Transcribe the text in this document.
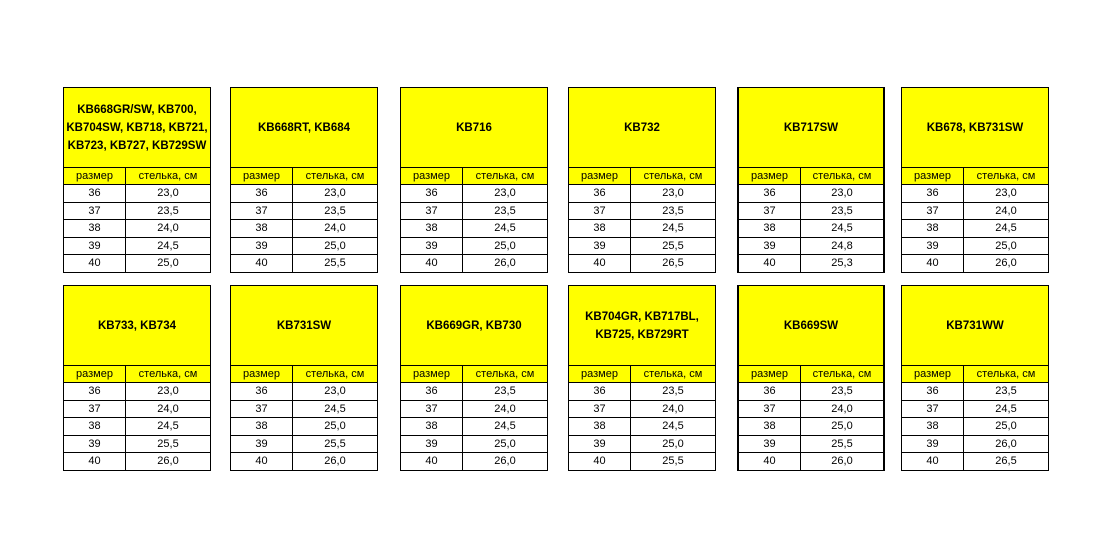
KB668GR/SW, KB700, KB704SW, KB718, KB721, KB723, KB727, KB729SW
размер	стелька, см
36	23,0
37	23,5
38	24,0
39	24,5
40	25,0
KB668RT, KB684
размер	стелька, см
36	23,0
37	23,5
38	24,0
39	25,0
40	25,5
KB716
размер	стелька, см
36	23,0
37	23,5
38	24,5
39	25,0
40	26,0
KB732
размер	стелька, см
36	23,0
37	23,5
38	24,5
39	25,5
40	26,5
KB717SW
размер	стелька, см
36	23,0
37	23,5
38	24,5
39	24,8
40	25,3
KB678, KB731SW
размер	стелька, см
36	23,0
37	24,0
38	24,5
39	25,0
40	26,0
KB733, KB734
размер	стелька, см
36	23,0
37	24,0
38	24,5
39	25,5
40	26,0
KB731SW
размер	стелька, см
36	23,0
37	24,5
38	25,0
39	25,5
40	26,0
KB669GR, KB730
размер	стелька, см
36	23,5
37	24,0
38	24,5
39	25,0
40	26,0
KB704GR, KB717BL, KB725, KB729RT
размер	стелька, см
36	23,5
37	24,0
38	24,5
39	25,0
40	25,5
KB669SW
размер	стелька, см
36	23,5
37	24,0
38	25,0
39	25,5
40	26,0
KB731WW
размер	стелька, см
36	23,5
37	24,5
38	25,0
39	26,0
40	26,5
